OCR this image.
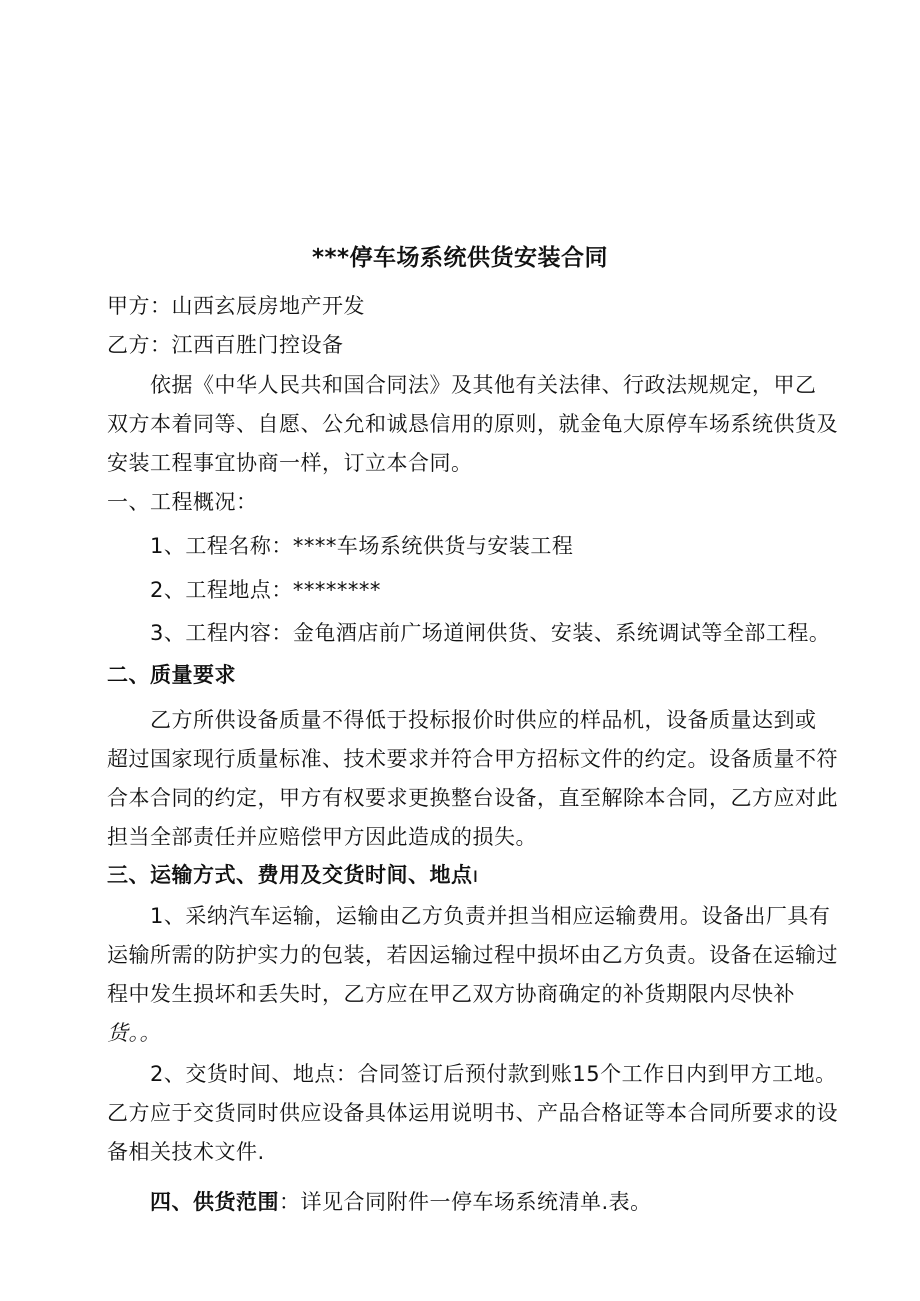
***停车场系统供货安装合同
甲方：山西玄辰房地产开发
乙方：江西百胜门控设备
依据《中华人民共和国合同法》及其他有关法律、行政法规规定，甲乙
双方本着同等、自愿、公允和诚恳信用的原则，就金龟大原停车场系统供货及
安装工程事宜协商一样，订立本合同。
一、工程概况：
1、工程名称：****车场系统供货与安装工程
2、工程地点：********
3、工程内容：金龟酒店前广场道闸供货、安装、系统调试等全部工程。
二、质量要求
乙方所供设备质量不得低于投标报价时供应的样品机，设备质量达到或
超过国家现行质量标准、技术要求并符合甲方招标文件的约定。设备质量不符
合本合同的约定，甲方有权要求更换整台设备，直至解除本合同，乙方应对此
担当全部责任并应赔偿甲方因此造成的损失。
三、运输方式、费用及交货时间、地点ı
1、采纳汽车运输，运输由乙方负责并担当相应运输费用。设备出厂具有
运输所需的防护实力的包装，若因运输过程中损坏由乙方负责。设备在运输过
程中发生损坏和丢失时，乙方应在甲乙双方协商确定的补货期限内尽快补
货。。
2、交货时间、地点：合同签订后预付款到账15个工作日内到甲方工地。
乙方应于交货同时供应设备具体运用说明书、产品合格证等本合同所要求的设
备相关技术文件.
四、供货范围：详见合同附件一停车场系统清单.表。
